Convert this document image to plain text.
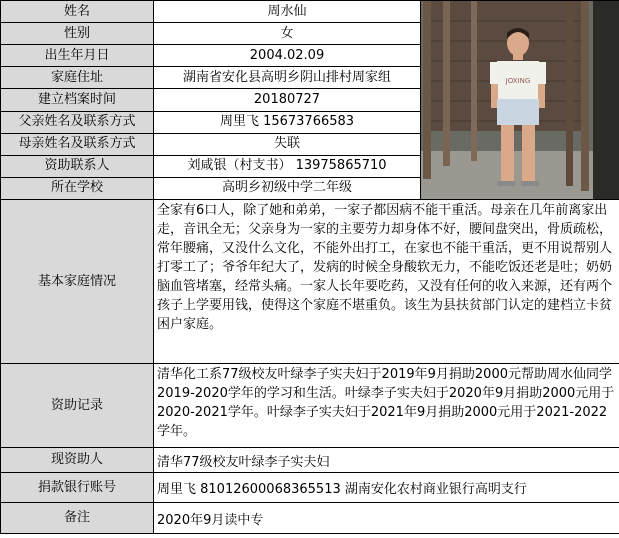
姓名	周水仙	JOXING

性别	女	
出生年月日	2004.02.09	
家庭住址	湖南省安化县高明乡阴山排村周家组	
建立档案时间	20180727	
父亲姓名及联系方式	周里飞 15673766583	
母亲姓名及联系方式	失联	
资助联系人	刘咸银（村支书） 13975865710	
所在学校	高明乡初级中学二年级	
基本家庭情况	全家有6口人，除了她和弟弟，一家子都因病不能干重活。母亲在几年前离家出走，音讯全无；父亲身为一家的主要劳力却身体不好，腰间盘突出，骨质疏松，常年腰痛，又没什么文化，不能外出打工，在家也不能干重活，更不用说帮别人打零工了；爷爷年纪大了，发病的时候全身酸软无力，不能吃饭还老是吐；奶奶脑血管堵塞，经常头痛。一家人长年要吃药，又没有任何的收入来源，还有两个孩子上学要用钱，使得这个家庭不堪重负。该生为县扶贫部门认定的建档立卡贫困户家庭。	
资助记录	清华化工系77级校友叶绿李子实夫妇于2019年9月捐助2000元帮助周水仙同学2019-2020学年的学习和生活。叶绿李子实夫妇于2020年9月捐助2000元用于2020-2021学年。叶绿李子实夫妇于2021年9月捐助2000元用于2021-2022学年。	
现资助人	清华77级校友叶绿李子实夫妇	
捐款银行账号	周里飞 81012600068365513 湖南安化农村商业银行高明支行	
备注	2020年9月读中专	
